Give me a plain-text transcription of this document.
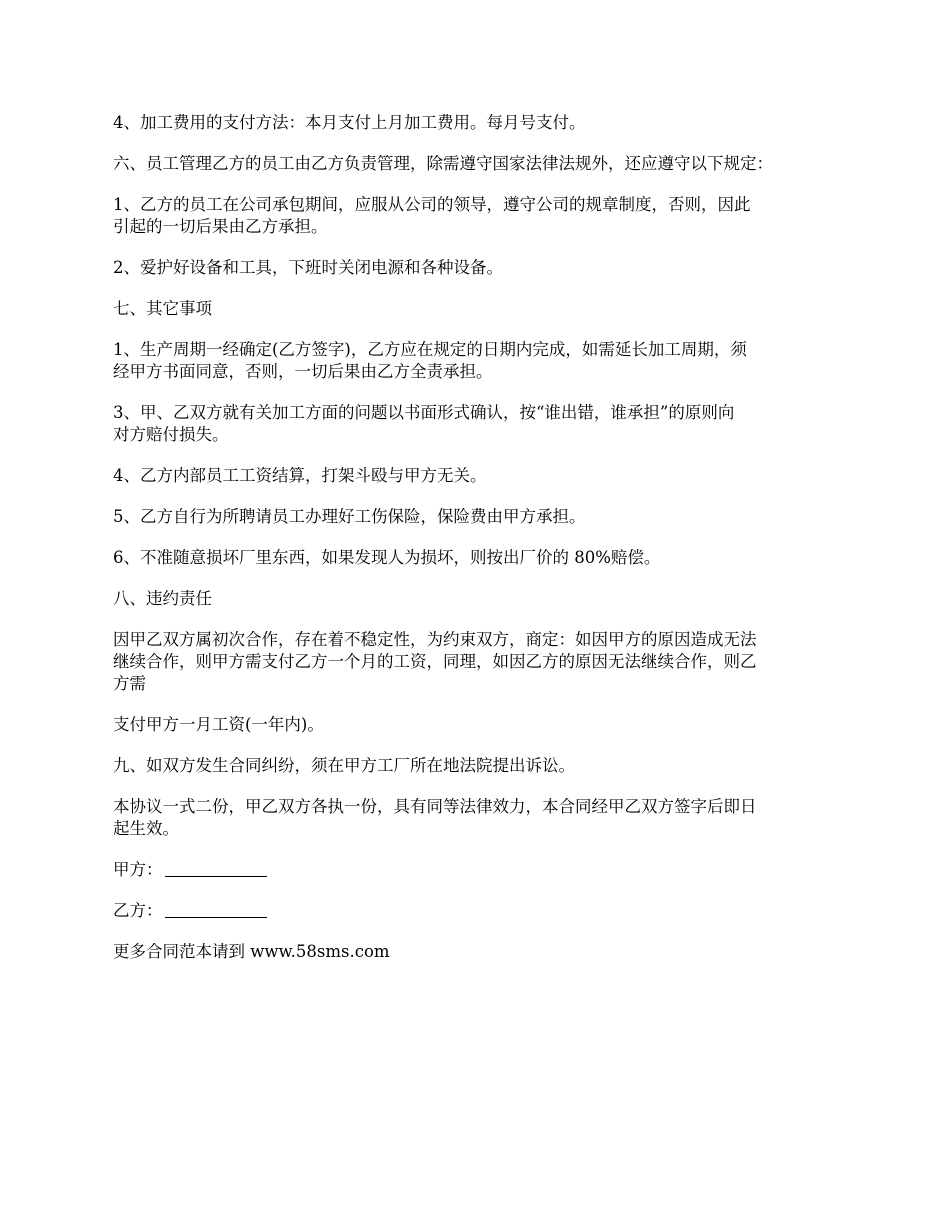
4、加工费用的支付方法：本月支付上月加工费用。每月号支付。

六、员工管理乙方的员工由乙方负责管理，除需遵守国家法律法规外，还应遵守以下规定：

1、乙方的员工在公司承包期间，应服从公司的领导，遵守公司的规章制度，否则，因此
引起的一切后果由乙方承担。

2、爱护好设备和工具，下班时关闭电源和各种设备。

七、其它事项

1、生产周期一经确定(乙方签字)，乙方应在规定的日期内完成，如需延长加工周期，须
经甲方书面同意，否则，一切后果由乙方全责承担。

3、甲、乙双方就有关加工方面的问题以书面形式确认，按“谁出错，谁承担”的原则向
对方赔付损失。

4、乙方内部员工工资结算，打架斗殴与甲方无关。

5、乙方自行为所聘请员工办理好工伤保险，保险费由甲方承担。

6、不准随意损坏厂里东西，如果发现人为损坏，则按出厂价的 80%赔偿。

八、违约责任

因甲乙双方属初次合作，存在着不稳定性，为约束双方，商定：如因甲方的原因造成无法
继续合作，则甲方需支付乙方一个月的工资，同理，如因乙方的原因无法继续合作，则乙
方需

支付甲方一月工资(一年内)。

九、如双方发生合同纠纷，须在甲方工厂所在地法院提出诉讼。

本协议一式二份，甲乙双方各执一份，具有同等法律效力，本合同经甲乙双方签字后即日
起生效。

甲方：

乙方：

更多合同范本请到 www.58sms.com
